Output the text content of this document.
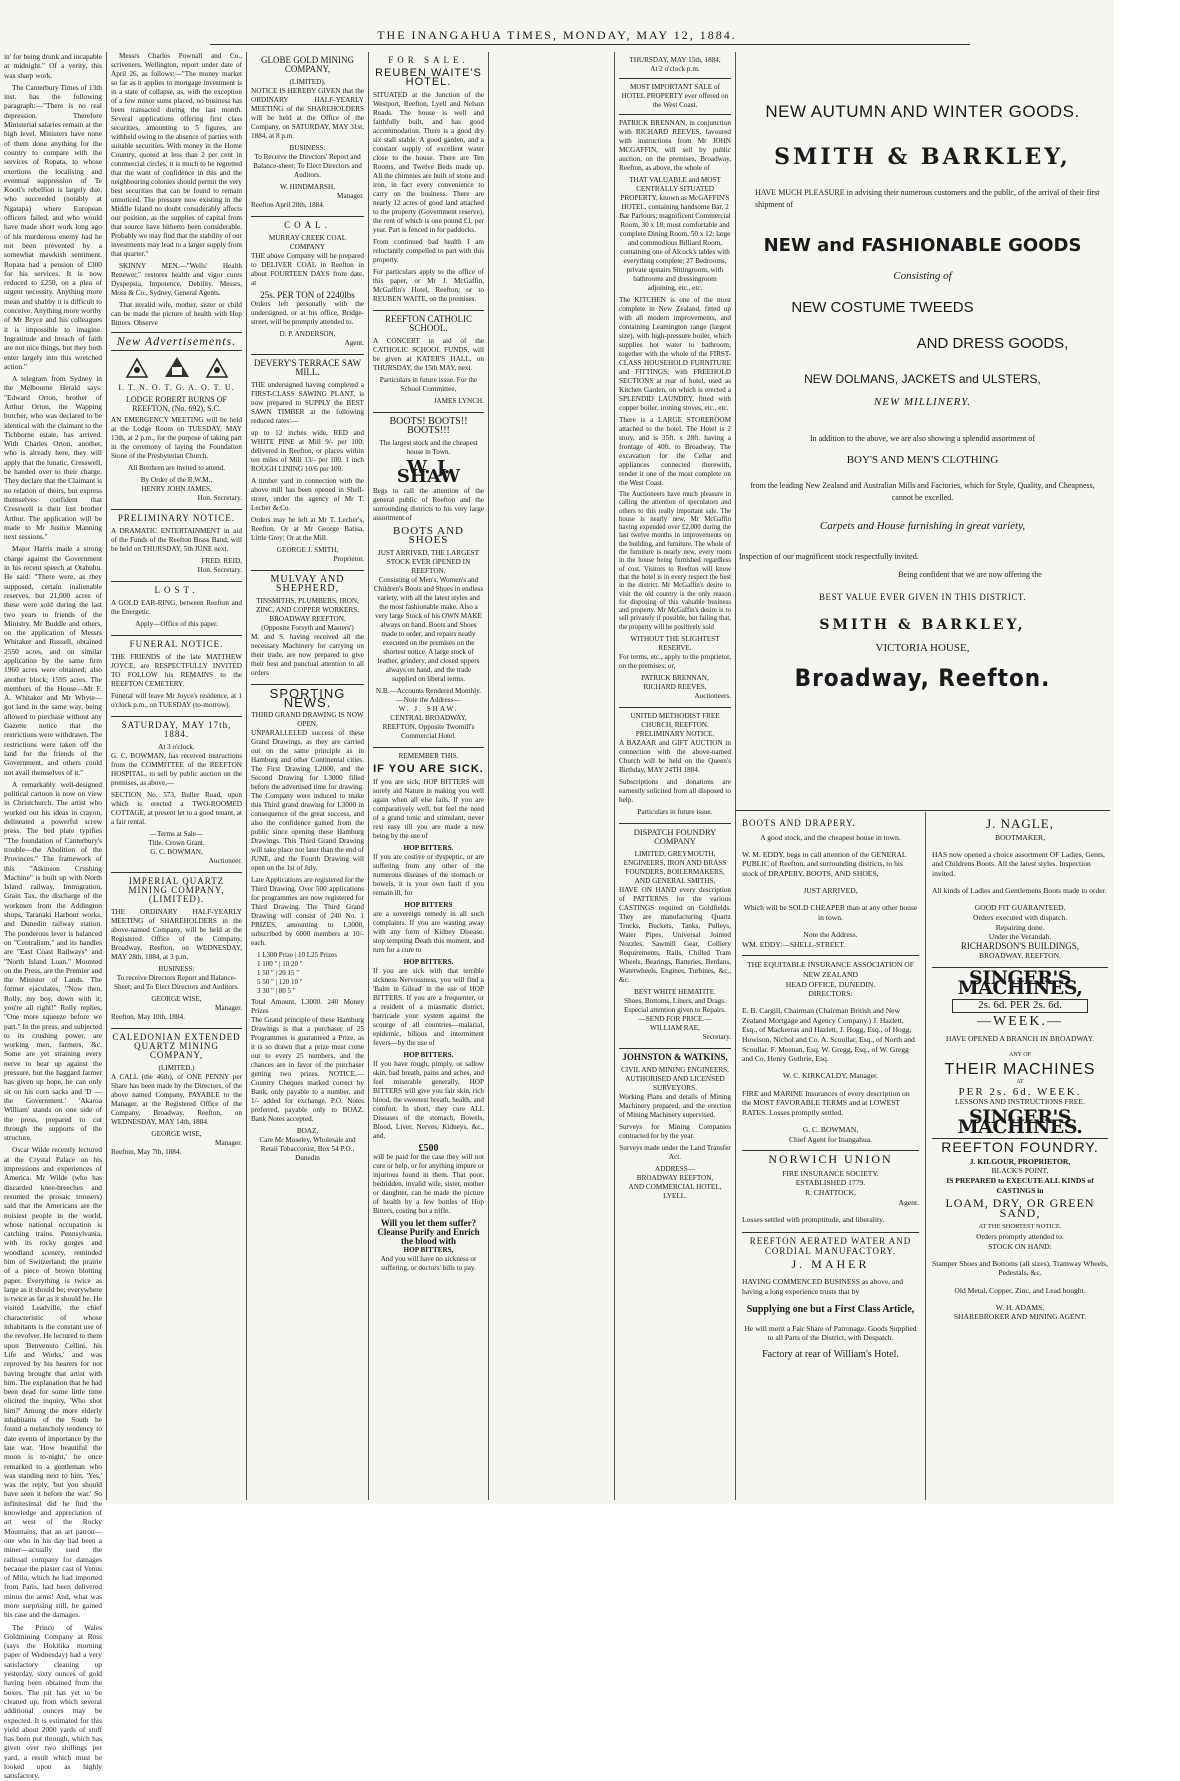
THE INANGAHUA TIMES, MONDAY, MAY 12, 1884.

in' for being drunk and incapable at midnight." Of a verity, this was sharp work.

The Canterbury Times of 13th inst. has the following paragraph:—"There is no real depression. Therefore Ministerial salaries remain at the high level. Ministers have none of them done anything for the country to compare with the services of Ropata, to whose exertions the localising and eventual suppression of Te Kooti's rebellion is largely due, who succeeded (notably at Ngatapa) where European officers failed, and who would have made short work long ago of his murderous enemy had he not been prevented by a somewhat mawkish sentiment. Ropata had a pension of £300 for his services. It is now reduced to £250, on a plea of urgent necessity. Anything more mean and shabby it is difficult to conceive. Anything more worthy of Mr Bryce and his colleagues it is impossible to imagine. Ingratitude and breach of faith are not nice things, but they both enter largely into this wretched action."

A telegram from Sydney in the Melbourne Herald says: "Edward Orton, brother of Arthur Orton, the Wapping butcher, who was declared to be identical with the claimant to the Tichborne estate, has arrived. With Charles Orton, another, who is already here, they will apply that the lunatic, Cresswell, be handed over to their charge. They declare that the Claimant is no relation of theirs, but express themselves confident that Cresswell is their lost brother Arthur. The application will be made to Mr Justice Manning next sessions."

Major Harris made a strong charge against the Government in his recent speech at Otahuhu. He said: "There were, as they supposed, certain inalienable reserves, but 21,000 acres of these were sold during the last two years to friends of the Ministry. Mr Buddle and others, on the application of Messrs Whitaker and Russell, obtained 2550 acres, and on similar application by the same firm 1960 acres were obtained; also another block; 1595 acres. The members of the House—Mr F. A. Whitaker and Mr Whyte—got land in the same way, being allowed to purchase without any Gazette notice that the restrictions were withdrawn. The restrictions were taken off the land for the friends of the Government, and others could not avail themselves of it."

A remarkably well-designed political cartoon is now on view in Christchurch. The artist who worked out his ideas in crayon, delineated a powerful screw press. The bed plate typifies "The foundation of Canterbury's trouble—the Abolition of the Provinces." The framework of this "Atkinson Crushing Machine" is built up with North Island railway, Immigration, Grain Tax, the discharge of the workmen from the Addington shops, Taranaki Harbour works, and Dunedin railway station. The ponderous lever is balanced on "Centralism," and its handles are "East Coast Railways" and "North Island Loan." Mounted on the Press, are the Premier and the Minister of Lands. The former ejaculates, "Now then, Rolly, my boy, down with it; you're all right!" Rolly replies, "One more squeeze before we part." In the press, and subjected to its crushing power, are working men, farmers, &c. Some are yet straining every nerve to bear up against the pressure, but the haggard farmer has given up hope, he can only sit on his corn sacks and 'D —the Government.' 'Akaroa William' stands on one side of the press, prepared to cut through the supports of the structure.

Oscar Wilde recently lectured at the Crystal Palace on his impressions and experiences of America. Mr Wilde (who has discarded knee-breeches and resumed the prosaic trousers) said that the Americans are the noisiest people in the world, whose national occupation is catching trains. Pennsylvania, with its rocky gorges and woodland scenery, reminded him of Switzerland; the prairie of a piece of brown blotting paper. Everything is twice as large as it should be; everywhere is twice as far as it should be. He visited Leadville, the chief characteristic of whose inhabitants is the constant use of the revolver. He lectured to them upon 'Benvenuto Cellini, his Life and Works,' and was reproved by his hearers for not having brought that artist with him. The explanation that he had been dead for some little time elicited the inquiry, 'Who shot him?' Among the more elderly inhabitants of the South he found a melancholy tendency to date events of importance by the late war. 'How beautiful the moon is to-night,' he once remarked to a gentleman who was standing next to him. 'Yes,' was the reply, 'but you should have seen it before the war.' So infinitesimal did he find the knowledge and appreciation of art west of the Rocky Mountains, that an art patron—one who in his day had been a miner—actually sued the railroad company for damages because the plaster cast of Venus of Milo, which he had imported from Paris, had been delivered minus the arms! And, what was more surprising still, he gained his case and the damages.

The Prince of Wales Goldmining Company at Ross (says the Hokitika morning paper of Wednesday) had a very satisfactory cleaning up yesterday, sixty ounces of gold having been obtained from the boxes. The pit has yet to be cleaned up, from which several additional ounces may be expected. It is estimated for this yield about 2000 yards of stuff has been put through, which has given over two shillings per yard, a result which must be looked upon as highly satisfactory.

Messrs Charles Pownall and Co., scriveners, Wellington, report under date of April 26, as follows:—"The money market so far as it applies to mortgage investment is in a state of collapse, as, with the exception of a few minor sums placed, no business has been transacted during the last month. Several applications offering first class securities, amounting to 5 figures, are withheld owing to the absence of parties with suitable securities. With money in the Home Country, quoted at less than 2 per cent in commercial circles, it is much to be regretted that the want of confidence in this and the neighbouring colonies should permit the very best securities that can be found to remain unnoticed. The pressure now existing in the Middle Island no doubt considerably affects our position, as the supplies of capital from that source have hitherto been considerable. Probably we may find that the stability of our investments may lead to a larger supply from that quarter."

SKINNY MEN.—"Wells' Health Renewer," restores health and vigor cures Dyspepsia, Impotence, Debility. Messrs, Moss & Co., Sydney, General Agents.

That invalid wife, mother, sister or child can be made the picture of health with Hop Bitters. Observe

New Advertisements.
I. T. N. O. T. G. A. O. T. U.
LODGE ROBERT BURNS OF REEFTON, (No. 692), S.C.

AN EMERGENCY MEETING will be held at the Lodge Room on TUESDAY, MAY 13th, at 2 p.m., for the purpose of taking part in the ceremony of laying the Foundation Stone of the Presbyterian Church.

All Brethren are invited to attend.

By Order of the R.W.M.,
HENRY JOHN JAMES,
Hon. Secretary.
PRELIMINARY NOTICE.

A DRAMATIC ENTERTAINMENT in aid of the Funds of the Reefton Brass Band, will be held on THURSDAY, 5th JUNE next.

FRED. REID,
Hon. Secretary.
LOST.

A GOLD EAR-RING, between Reefton and the Energetic.

Apply—Office of this paper.
FUNERAL NOTICE.

THE FRIENDS of the late MATTHEW JOYCE, are RESPECTFULLY INVITED TO FOLLOW his REMAINS to the REEFTON CEMETERY.

Funeral will leave Mr Joyce's residence, at 1 o'clock p.m., on TUESDAY (to-morrow).

SATURDAY, MAY 17th, 1884.
At 3 o'clock.

G. C. BOWMAN, has received instructions from the COMMITTEE of the REEFTON HOSPITAL, to sell by public auction on the premises, as above,—

SECTION No. 573, Buller Road, upon which is erected a TWO-ROOMED COTTAGE, at present let to a good tenant, at a fair rental.

—Terms at Sale—
Title. Crown Grant.
G. C. BOWMAN,
Auctioneer.
IMPERIAL QUARTZ MINING COMPANY, (LIMITED).

THE ORDINARY HALF-YEARLY MEETING of SHAREHOLDERS in the above-named Company, will be held at the Registered Office of the Company, Broadway, Reefton, on WEDNESDAY, MAY 28th, 1884, at 3 p.m.

BUSINESS:

To receive Directors Report and Balance-Sheet; and To Elect Directors and Auditors.

GEORGE WISE,
Manager.
Reefton, May 10th, 1884.
CALEDONIAN EXTENDED QUARTZ MINING COMPANY,
(LIMITED.)

A CALL (the 46th), of ONE PENNY per Share has been made by the Directors, of the above named Company, PAYABLE to the Manager, at the Registered Office of the Company, Broadway, Reefton, on WEDNESDAY, MAY 14th, 1884.

GEORGE WISE,
Manager.
Reefton, May 7th, 1884.
GLOBE GOLD MINING COMPANY,
(LIMITED).

NOTICE IS HEREBY GIVEN that the ORDINARY HALF-YEARLY MEETING of the SHAREHOLDERS will be held at the Office of the Company, on SATURDAY, MAY 31st, 1884, at 8 p.m.

BUSINESS:

To Receive the Directors' Report and Balance-sheet; To Elect Directors and Auditors.

W. HINDMARSH,
Manager.
Reefton April 28th, 1884.
COAL.
MURRAY CREEK COAL COMPANY

THE above Company will be prepared to DELIVER COAL in Reefton in about FOURTEEN DAYS from date, at

25s. PER TON of 2240lbs

Orders left personally with the undersigned, or at his office, Bridge-street, will be promptly attended to.

D. P. ANDERSON,
Agent.
DEVERY'S TERRACE SAW MILL.

THE undersigned having completed a FIRST-CLASS SAWING PLANT, is now prepared to SUPPLY the BEST SAWN TIMBER at the following reduced rates:—

up to 12 inches wide, RED and WHITE PINE at Mill 9/- per 100; delivered in Reefton, or places within ten miles of Mill 13/- per 100. 1 inch ROUGH LINING 10/6 per 100.

A timber yard in connection with the above mill has been opened in Shell-street, under the agency of Mr T. Lecher & Co.

Orders may be left at Mr T. Lecher's, Reefton. Or at Mr George Batisa, Little Grey; Or at the Mill.

GEORGE J. SMITH,
Proprietor.
MULVAY AND SHEPHERD,
TINSMITHS, PLUMBERS, IRON, ZINC, AND COPPER WORKERS,
BROADWAY REEFTON.
(Opposite Forsyth and Masters')

M. and S. having received all the necessary Machinery for carrying on their trade, are now prepared to give their best and punctual attention to all orders

SPORTING NEWS.
THIRD GRAND DRAWING IS NOW OPEN.

UNPARALLELED success of these Grand Drawings, as they are carried out on the same principle as in Hamburg and other Continental cities. The First Drawing L2000, and the Second Drawing for L3000 filled before the advertised time for drawing. The Company were induced to make this Third grand drawing for L3000 in consequence of the great success, and also the confidence gained from the public since opening these Hamburg Drawings. This Third Grand Drawing will take place not later than the end of JUNE, and the Fourth Drawing will open on the 1st of July.

Late Applications are registered for the Third Drawing. Over 500 applications for programmes are now registered for Third Drawing. The Third Grand Drawing will consist of 240 No. 1 PRIZES, amounting to L3000, subscribed by 6000 members at 10/- each.

1 L300 Prize | 10 L25 Prizes
1 100 " | 10 20 "
1 50 " | 20 15 "
5 50 " | 120 10 "
3 30 " | 80 5 "
Total Amount, L3000. 240 Money Prizes

The Grand principle of these Hamburg Drawings is that a purchaser of 25 Programmes is guaranteed a Prize, as it is so drawn that a prize must come out to every 25 numbers, and the chances are in favor of the purchaser getting two prizes. NOTICE.—Country Cheques marked correct by Bank, only payable to a number, and 1/- added for exchange. P.O. Notes preferred, payable only to BOAZ. Bank Notes accepted.

BOAZ,
Care Mr Moseley, Wholesale and Retail Tobacconist, Box 54 P.O., Dunedin
FOR SALE.
REUBEN WAITE'S HOTEL.

SITUATED at the Junction of the Westport, Reefton, Lyell and Nelson Roads. The house is well and faithfully built, and has good accommodation. There is a good dry six stall stable. A good garden, and a constant supply of excellent water close to the house. There are Ten Rooms, and Twelve Beds made up. All the chimnies are built of stone and iron, in fact every convenience to carry on the business. There are nearly 12 acres of good land attached to the property (Government reserve), the rent of which is one pound £1, per year. Part is fenced in for paddocks.

From continued bad health I am reluctantly compelled to part with this property.

For particulars apply to the office of this paper, or Mr J. McGaffin, McGaffin's Hotel, Reefton; or to REUBEN WAITE, on the premises.

REEFTON CATHOLIC SCHOOL.

A CONCERT in aid of the CATHOLIC SCHOOL FUNDS, will be given at KATER'S HALL, on THURSDAY, the 15th MAY, next.

Particulars in future issue. For the School Committee,

JAMES LYNCH.
BOOTS! BOOTS!! BOOTS!!!
The largest stock and the cheapest house in Town.
W. J. SHAW

Begs to call the attention of the general public of Reefton and the surrounding districts to his very large assortment of

BOOTS AND SHOES
JUST ARRIVED, THE LARGEST STOCK EVER OPENED IN REEFTON.

Consisting of Men's, Women's and Children's Boots and Shoes in endless variety, with all the latest styles and the most fashionable make. Also a very large Stock of his OWN MAKE always on hand. Boots and Shoes made to order, and repairs neatly executed on the premises on the shortest notice. A large stock of leather, grindery, and closed uppers always on hand, and the trade supplied on liberal terms.

N.B.—Accounts Rendered Monthly.
—Note the Address—
W. J. SHAW.
CENTRAL BROADWAY, REEFTON, Opposite Twomill's Commercial Hotel.
REMEMBER THIS.
IF YOU ARE SICK.

If you are sick, HOP BITTERS will surely aid Nature in making you well again when all else fails. If you are comparatively well, but feel the need of a grand tonic and stimulant, never rest easy till you are made a new being by the use of

HOP BITTERS.

If you are costive or dyspeptic, or are suffering from any other of the numerous diseases of the stomach or bowels, it is your own fault if you remain ill, for

HOP BITTERS

are a sovereign remedy in all such complaints. If you are wasting away with any form of Kidney Disease, stop tempting Death this moment, and turn for a cure to

HOP BITTERS.

If you are sick with that terrible sickness Nervousness, you will find a 'Balm in Gilead' in the use of HOP BITTERS. If you are a frequenter, or a resident of a miasmatic district, barricade your system against the scourge of all countries—malarial, epidemic, bilious and intermittent fevers—by the use of

HOP BITTERS.

If you have rough, pimply, or sallow skin, bad breath, pains and aches, and feel miserable generally, HOP BITTERS will give you fair skin, rich blood, the sweetest breath, health, and comfort. In short, they cure ALL Diseases of the stomach, Bowels, Blood, Liver, Nerves, Kidneys, &c., and,

£500

will be paid for the case they will not cure or help, or for anything impure or injurious found in them. That poor, bedridden, invalid wife, sister, mother or daughter, can be made the picture of health by a few bottles of Hop Bitters, costing but a trifle.

Will you let them suffer?
Cleanse Purify and Enrich the blood with
HOP BITTERS,
And you will have no sickness or suffering, or doctors' bills to pay.
THURSDAY, MAY 15th, 1884,
At 2 o'clock p.m.
MOST IMPORTANT SALE of HOTEL PROPERTY ever offered on the West Coast.

PATRICK BRENNAN, in conjunction with RICHARD REEVES, favoured with instructions from Mr JOHN MCGAFFIN, will sell by public auction, on the premises, Broadway, Reefton, as above, the whole of

THAT VALUABLE and MOST CENTRALLY SITUATED PROPERTY, known as McGAFFIN'S HOTEL, containing handsome Bar, 2 Bar Parlours; magnificent Commercial Room, 30 x 18; most comfortable and complete Dining Room, 50 x 12; large and commodious Billiard Room, containing one of Alcock's tables with everything complete; 27 Bedrooms, private upstairs Sittingroom, with bathrooms and dressingroom adjoining, etc., etc.

The KITCHEN is one of the most complete in New Zealand, fitted up with all modern improvements, and containing Leamington range (largest size), with high-pressure boiler, which supplies hot water to bathroom; together with the whole of the FIRST-CLASS HOUSEHOLD FURNITURE and FITTINGS; with FREEHOLD SECTIONS at rear of hotel, used as Kitchen Garden, on which is erected a SPLENDID LAUNDRY, fitted with copper boiler, ironing stoves, etc., etc.

There is a LARGE STOREROOM attached to the hotel. The Hotel is 2 story, and is 35ft. x 28ft. having a frontage of 40ft. to Broadway. The excavation for the Cellar and appliances connected therewith, render it one of the most complete on the West Coast.

The Auctioneers have much pleasure in calling the attention of speculators and others to this really important sale. The house is nearly new, Mr McGaffin having expended over £2,000 during the last twelve months in improvements on the building, and furniture. The whole of the furniture is nearly new, every room in the house being furnished regardless of cost. Visitors to Reefton will know that the hotel is in every respect the best in the district. Mr McGaffin's desire to visit the old country is the only reason for disposing of this valuable business and property. Mr McGaffin's desire is to sell privately if possible, but failing that, the property will be positively sold

WITHOUT THE SLIGHTEST RESERVE.

For terms, etc., apply to the proprietor, on the premises; or,

PATRICK BRENNAN,
RICHARD REEVES,
Auctioneers.
UNITED METHODIST FREE CHURCH, REEFTON.
PRELIMINARY NOTICE.

A BAZAAR and GIFT AUCTION in connection with the above-named Church will be held on the Queen's Birthday, MAY 24TH 1884.

Subscriptions and donations are earnestly solicited from all disposed to help.

Particulars in future issue.

DISPATCH FOUNDRY COMPANY
LIMITED, GREYMOUTH,
ENGINEERS, IRON AND BRASS FOUNDERS, BOILERMAKERS, AND GENERAL SMITHS,

HAVE ON HAND every description of PATTERNS for the various CASTINGS required on Goldfields. They are manufacturing Quartz Trucks, Buckets, Tanks, Pulleys, Water Pipes, Universal Jointed Nozzles, Sawmill Gear, Colliery Requirements, Rails, Chilled Tram Wheels, Bearings, Batteries, Berdans, Waterwheels, Engines, Turbines, &c., &c.

BEST WHITE HEMATITE.
Shoes, Bottoms, Liners, and Drags.
Especial attention given to Repairs.
—SEND FOR PRICE.—
WILLIAM RAE,
Secretary.
JOHNSTON & WATKINS,
CIVIL AND MINING ENGINEERS,
AUTHORISED AND LICENSED SURVEYORS.

Working Plans and details of Mining Machinery prepared, and the erection of Mining Machinery supervised.

Surveys for Mining Companies contracted for by the year.

Surveys made under the Land Transfer Act.

ADDRESS—
BROADWAY REEFTON,
AND COMMERCIAL HOTEL, LYELL.
NEW AUTUMN AND WINTER GOODS.
SMITH & BARKLEY,
HAVE MUCH PLEASURE in advising their numerous customers and the public, of the arrival of their first shipment of
NEW and FASHIONABLE GOODS
Consisting of
NEW COSTUME TWEEDS
AND DRESS GOODS,
NEW DOLMANS, JACKETS and ULSTERS,
NEW MILLINERY.
In addition to the above, we are also showing a splendid assortment of
BOY'S AND MEN'S CLOTHING
from the leading New Zealand and Australian Mills and Factories, which for Style, Quality, and Cheapness, cannot be excelled.
Carpets and House furnishing in great variety,
Inspection of our magnificent stock respectfully invited.
Being confident that we are now offering the
BEST VALUE EVER GIVEN IN THIS DISTRICT.
SMITH & BARKLEY,
VICTORIA HOUSE,
Broadway, Reefton.
BOOTS AND DRAPERY.
A good stock, and the cheapest house in town.

W. M. EDDY, begs to call attention of the GENERAL PUBLIC of Reefton, and surrounding districts, to his stock of DRAPERY, BOOTS, AND SHOES,

JUST ARRIVED,

Which will be SOLD CHEAPER than at any other house in town.

Note the Address.
WM. EDDY:—SHELL-STREET.
THE EQUITABLE INSURANCE ASSOCIATION OF NEW ZEALAND
HEAD OFFICE, DUNEDIN.
DIRECTORS:

E. B. Cargill, Chairman (Chairman British and New Zealand Mortgage and Agency Company.) J. Hazlett, Esq., of Mackerras and Hazlett, J. Hogg, Esq., of Hogg, Howison, Nichol and Co. A. Scoullar, Esq., of North and Scoullar. F. Meenan, Esq. W. Gregg, Esq., of W. Gregg and Co. Henry Guthrie, Esq.

W. C. KIRKCALDY, Manager.

FIRE and MARINE Insurances of every description on the MOST FAVORABLE TERMS and at LOWEST RATES. Losses promptly settled.

G. C. BOWMAN,
Chief Agent for Inangahua.
NORWICH UNION
FIRE INSURANCE SOCIETY.
ESTABLISHED 1779.
R. CHATTOCK,
Agent.

Losses settled with promptitude, and liberality.

REEFTON AERATED WATER AND CORDIAL MANUFACTORY.
J. MAHER

HAVING COMMENCED BUSINESS as above, and having a long experience trusts that by

Supplying one but a First Class Article,

He will merit a Fair Share of Patronage. Goods Supplied to all Parts of the District, with Despatch.

Factory at rear of William's Hotel.
J. NAGLE,
BOOTMAKER,

HAS now opened a choice assortment OF Ladies, Gents, and Childrens Boots. All the latest styles. Inspection invited.

All kinds of Ladies and Gentlemens Boots made to order.

GOOD FIT GUARANTEED.
Orders executed with dispatch.
Repairing done.
Under the Verandah.
RICHARDSON'S BUILDINGS,
BROADWAY, REEFTON.
SINGER'S MACHINES,
2s. 6d. PER 2s. 6d.
—WEEK.—

HAVE OPENED A BRANCH IN BROADWAY.

ANY OF
THEIR MACHINES
AT
PER 2s. 6d. WEEK.
LESSONS AND INSTRUCTIONS FREE.
SINGER'S MACHINES.
REEFTON FOUNDRY.
J. KILGOUR, PROPRIETOR,
BLACK'S POINT,
IS PREPARED to EXECUTE ALL KINDS of CASTINGS in
LOAM, DRY, OR GREEN SAND,
AT THE SHORTEST NOTICE.
Orders promptly attended to.
STOCK ON HAND:

Stamper Shoes and Bottoms (all sizes), Tramway Wheels, Pedestals, &c.

Old Metal, Copper, Zinc, and Lead bought.

W. H. ADAMS,
SHAREBROKER AND MINING AGENT.
